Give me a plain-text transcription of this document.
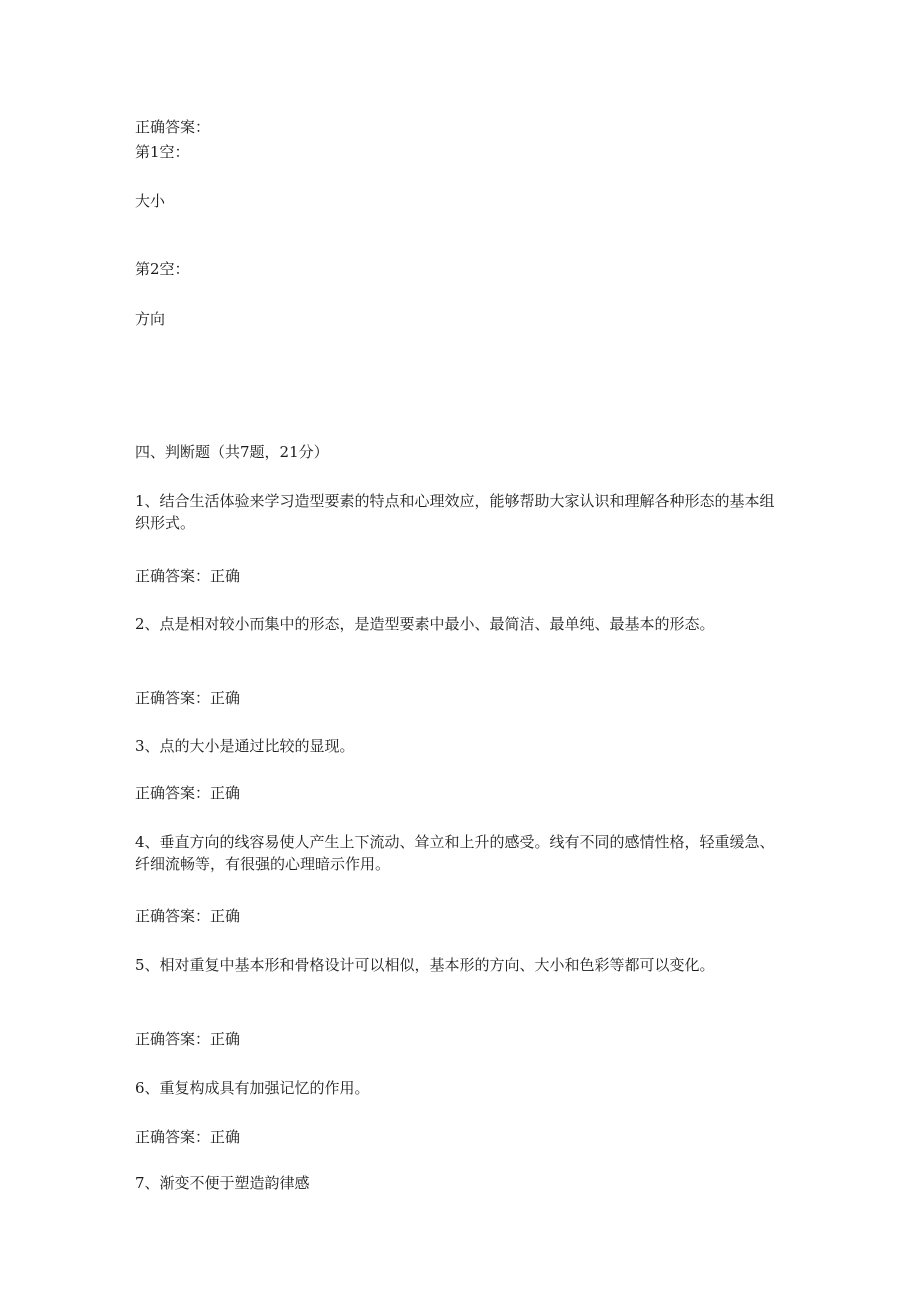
正确答案：

第1空：

大小

第2空：

方向

四、判断题（共7题，21分）

1、结合生活体验来学习造型要素的特点和心理效应，能够帮助大家认识和理解各种形态的基本组织形式。

正确答案：正确

2、点是相对较小而集中的形态，是造型要素中最小、最简洁、最单纯、最基本的形态。

正确答案：正确

3、点的大小是通过比较的显现。

正确答案：正确

4、垂直方向的线容易使人产生上下流动、耸立和上升的感受。线有不同的感情性格，轻重缓急、纤细流畅等，有很强的心理暗示作用。

正确答案：正确

5、相对重复中基本形和骨格设计可以相似，基本形的方向、大小和色彩等都可以变化。

正确答案：正确

6、重复构成具有加强记忆的作用。

正确答案：正确

7、渐变不便于塑造韵律感
